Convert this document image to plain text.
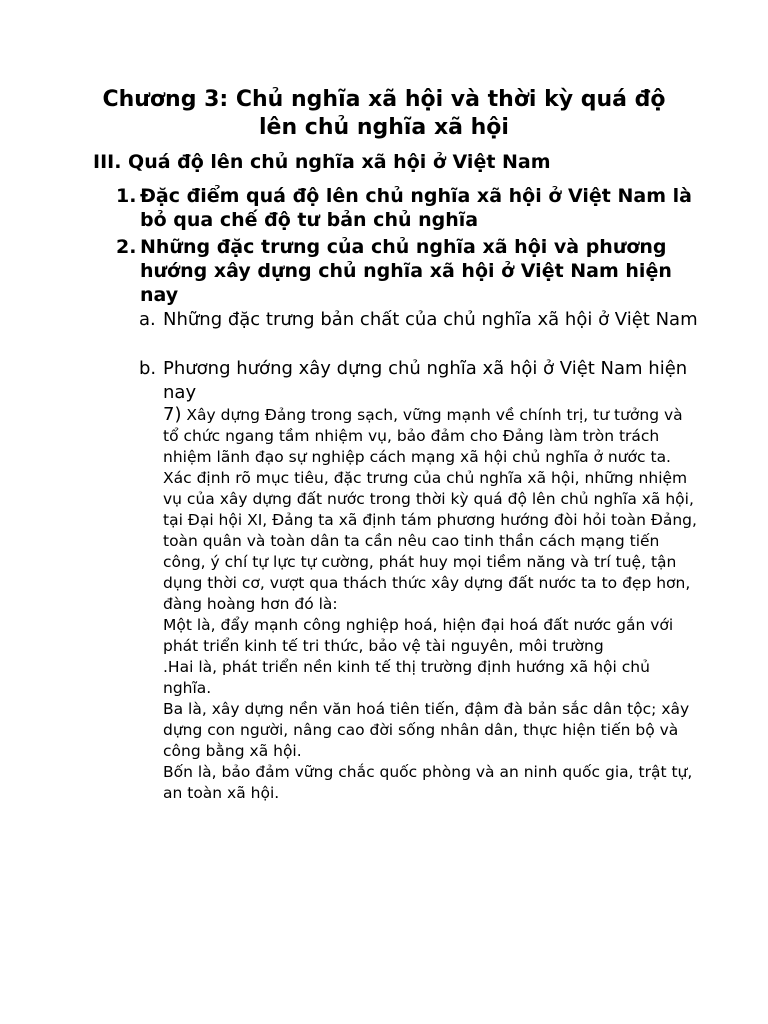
Chương 3: Chủ nghĩa xã hội và thời kỳ quá độ lên chủ nghĩa xã hội
III. Quá độ lên chủ nghĩa xã hội ở Việt Nam
1. Đặc điểm quá độ lên chủ nghĩa xã hội ở Việt Nam là bỏ qua chế độ tư bản chủ nghĩa
2. Những đặc trưng của chủ nghĩa xã hội và phương hướng xây dựng chủ nghĩa xã hội ở Việt Nam hiện nay
a. Những đặc trưng bản chất của chủ nghĩa xã hội ở Việt Nam
b. Phương hướng xây dựng chủ nghĩa xã hội ở Việt Nam hiện nay

7) Xây dựng Đảng trong sạch, vững mạnh về chính trị, tư tưởng và tổ chức ngang tầm nhiệm vụ, bảo đảm cho Đảng làm tròn trách nhiệm lãnh đạo sự nghiệp cách mạng xã hội chủ nghĩa ở nước ta. Xác định rõ mục tiêu, đặc trưng của chủ nghĩa xã hội, những nhiệm vụ của xây dựng đất nước trong thời kỳ quá độ lên chủ nghĩa xã hội, tại Đại hội XI, Đảng ta xã định tám phương hướng đòi hỏi toàn Đảng, toàn quân và toàn dân ta cần nêu cao tinh thần cách mạng tiến công, ý chí tự lực tự cường, phát huy mọi tiềm năng và trí tuệ, tận dụng thời cơ, vượt qua thách thức xây dựng đất nước ta to đẹp hơn, đàng hoàng hơn đó là:

Một là, đẩy mạnh công nghiệp hoá, hiện đại hoá đất nước gắn với phát triển kinh tế tri thức, bảo vệ tài nguyên, môi trường

.Hai là, phát triển nền kinh tế thị trường định hướng xã hội chủ nghĩa.

Ba là, xây dựng nền văn hoá tiên tiến, đậm đà bản sắc dân tộc; xây dựng con người, nâng cao đời sống nhân dân, thực hiện tiến bộ và công bằng xã hội.

Bốn là, bảo đảm vững chắc quốc phòng và an ninh quốc gia, trật tự, an toàn xã hội.
